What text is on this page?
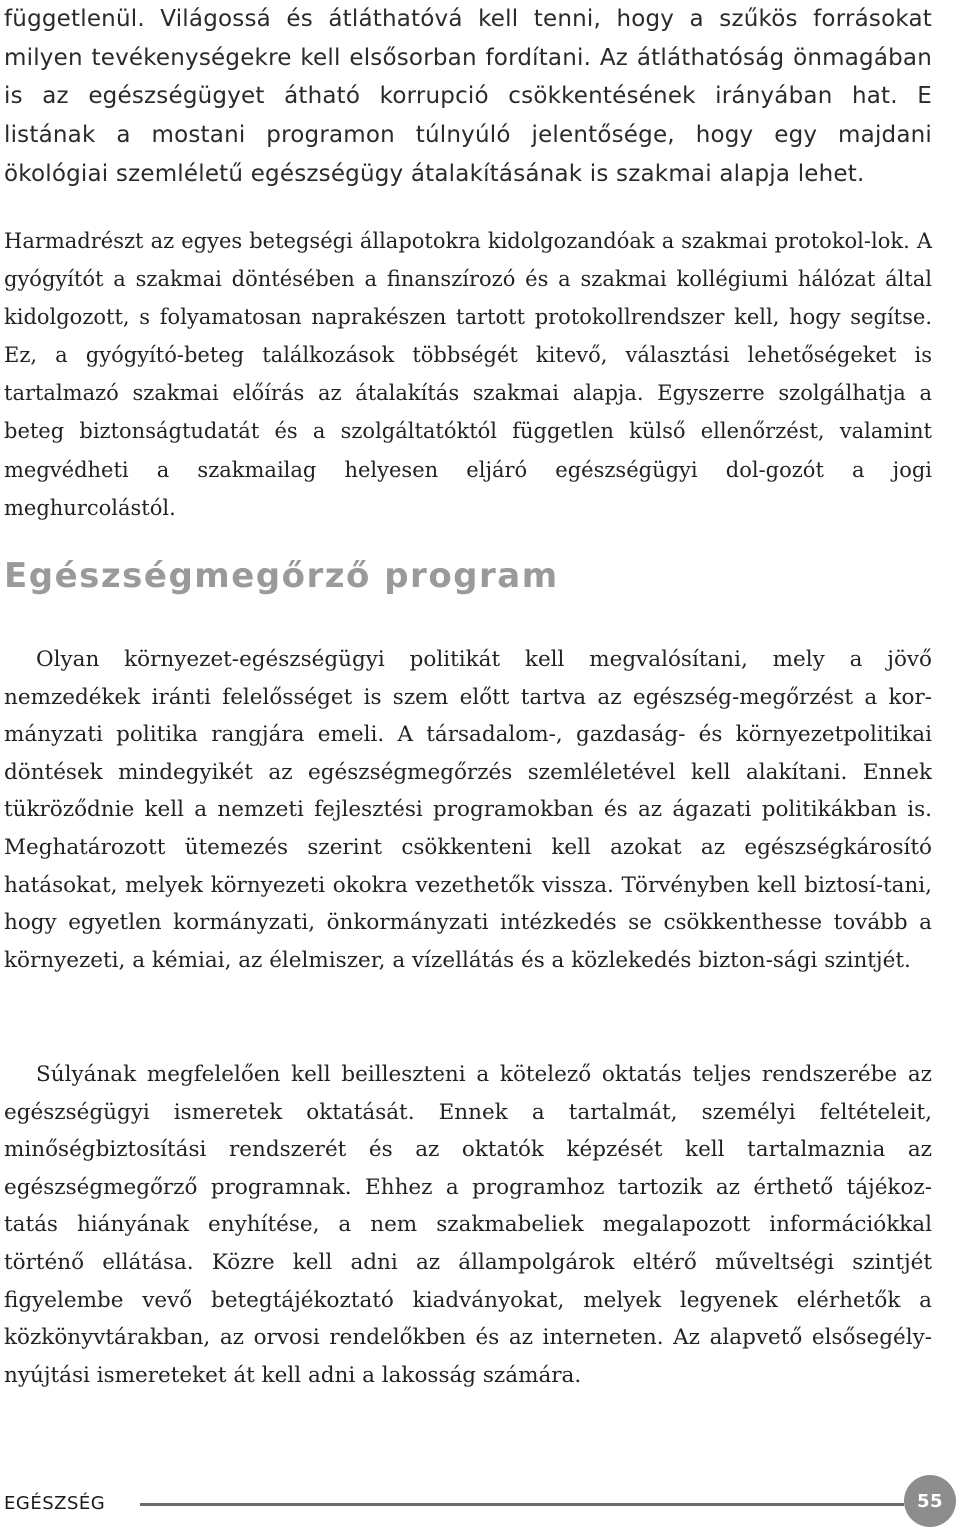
függetlenül. Világossá és átláthatóvá kell tenni, hogy a szűkös forrásokat milyen tevékenységekre kell elsősorban fordítani. Az átláthatóság önmagában is az egészségügyet átható korrupció csökkentésének irányában hat. E listának a mostani programon túlnyúló jelentősége, hogy egy majdani ökológiai szemléletű egészségügy átalakításának is szakmai alapja lehet.

Harmadrészt az egyes betegségi állapotokra kidolgozandóak a szakmai protokol-lok. A gyógyítót a szakmai döntésében a finanszírozó és a szakmai kollégiumi hálózat által kidolgozott, s folyamatosan naprakészen tartott protokollrendszer kell, hogy segítse. Ez, a gyógyító-beteg találkozások többségét kitevő, választási lehetőségeket is tartalmazó szakmai előírás az átalakítás szakmai alapja. Egyszerre szolgálhatja a beteg biztonságtudatát és a szolgáltatóktól független külső ellenőrzést, valamint megvédheti a szakmailag helyesen eljáró egészségügyi dol-gozót a jogi meghurcolástól.

Egészségmegőrző program

Olyan környezet-egészségügyi politikát kell megvalósítani, mely a jövő nemzedékek iránti felelősséget is szem előtt tartva az egészség-megőrzést a kor-mányzati politika rangjára emeli. A társadalom-, gazdaság- és környezetpolitikai döntések mindegyikét az egészségmegőrzés szemléletével kell alakítani. Ennek tükröződnie kell a nemzeti fejlesztési programokban és az ágazati politikákban is. Meghatározott ütemezés szerint csökkenteni kell azokat az egészségkárosító hatásokat, melyek környezeti okokra vezethetők vissza. Törvényben kell biztosí-tani, hogy egyetlen kormányzati, önkormányzati intézkedés se csökkenthesse tovább a környezeti, a kémiai, az élelmiszer, a vízellátás és a közlekedés bizton-sági szintjét.

Súlyának megfelelően kell beilleszteni a kötelező oktatás teljes rendszerébe az egészségügyi ismeretek oktatását. Ennek a tartalmát, személyi feltételeit, minőségbiztosítási rendszerét és az oktatók képzését kell tartalmaznia az egészségmegőrző programnak. Ehhez a programhoz tartozik az érthető tájékoz-tatás hiányának enyhítése, a nem szakmabeliek megalapozott információkkal történő ellátása. Közre kell adni az állampolgárok eltérő műveltségi szintjét figyelembe vevő betegtájékoztató kiadványokat, melyek legyenek elérhetők a közkönyvtárakban, az orvosi rendelőkben és az interneten. Az alapvető elsősegély-nyújtási ismereteket át kell adni a lakosság számára.

EGÉSZSÉG	55
